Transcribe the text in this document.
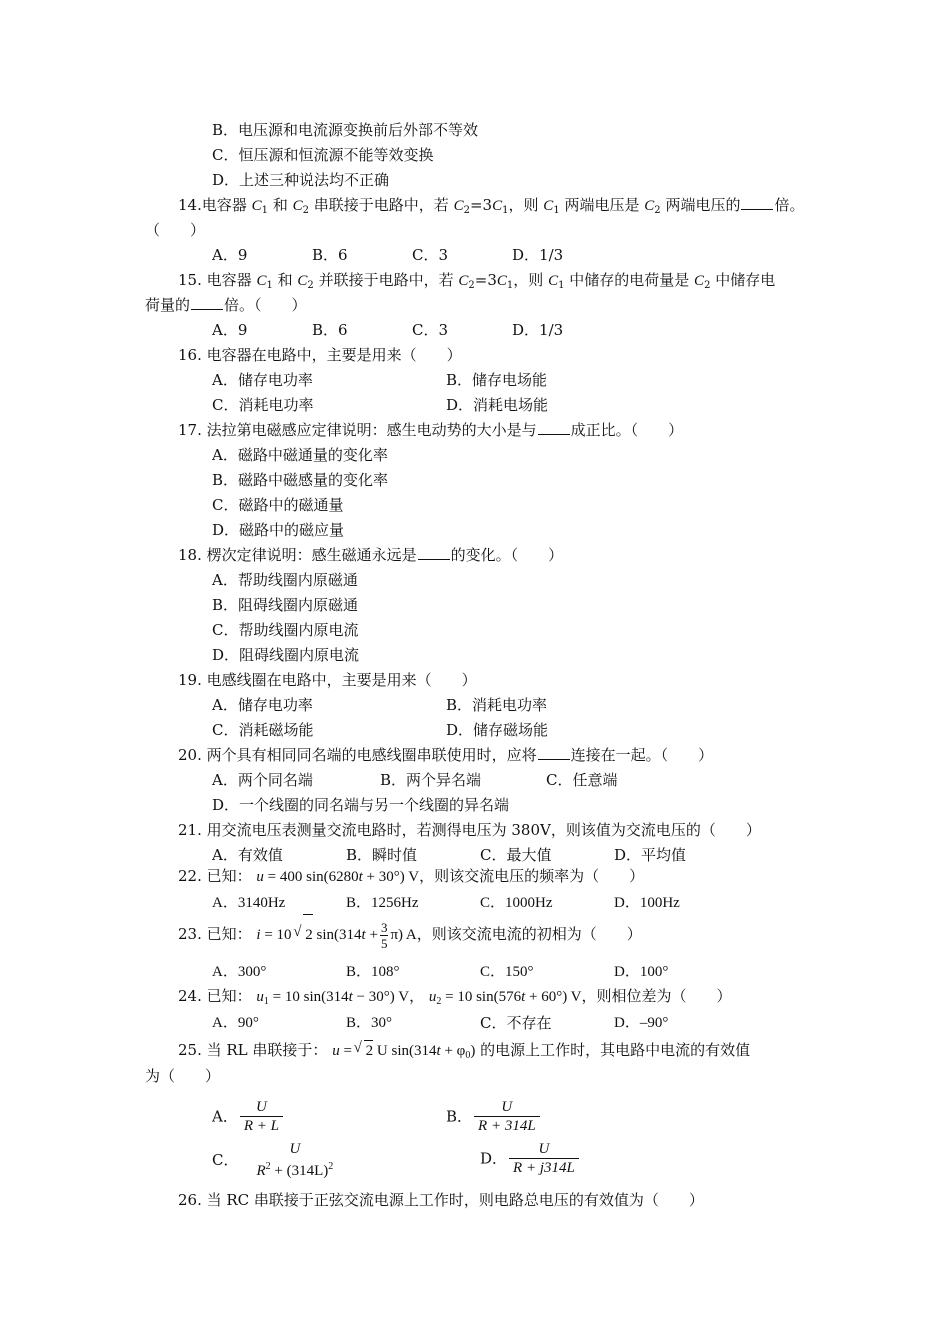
B．电压源和电流源变换前后外部不等效
C．恒压源和恒流源不能等效变换
D．上述三种说法均不正确
14.电容器 $C_1$ 和 $C_2$ 串联接于电路中，若 $C_2=3C_1$，则 $C_1$ 两端电压是 $C_2$ 两端电压的 倍。
（　　）
A．9	B．6	C．3	D．1/3
15. 电容器 $C_1$ 和 $C_2$ 并联接于电路中，若 $C_2=3C_1$，则 $C_1$ 中储存的电荷量是 $C_2$ 中储存电
荷量的 倍。（　　）
A．9	B．6	C．3	D．1/3
16. 电容器在电路中，主要是用来（　　）
A．储存电功率	B．储存电场能
C．消耗电功率	D．消耗电场能
17. 法拉第电磁感应定律说明：感生电动势的大小是与 成正比。（　　）
A．磁路中磁通量的变化率
B．磁路中磁感量的变化率
C．磁路中的磁通量
D．磁路中的磁应量
18. 楞次定律说明：感生磁通永远是 的变化。（　　）
A．帮助线圈内原磁通
B．阻碍线圈内原磁通
C．帮助线圈内原电流
D．阻碍线圈内原电流
19. 电感线圈在电路中，主要是用来（　　）
A．储存电功率	B．消耗电功率
C．消耗磁场能	D．储存磁场能
20. 两个具有相同同名端的电感线圈串联使用时，应将 连接在一起。（　　）
A．两个同名端	B．两个异名端	C．任意端
D．一个线圈的同名端与另一个线圈的异名端
21. 用交流电压表测量交流电路时，若测得电压为 380V，则该值为交流电压的（　　）
A．有效值	B．瞬时值	C．最大值	D．平均值
22. 已知： u = 400 sin(6280t + 30°) V，则该交流电压的频率为（　　）
A．3140Hz	B．1256Hz	C．1000Hz	D．100Hz
23. 已知： i = 10 √ 2 $\sin(314t + \frac{3}{5} \pi)$ A，则该交流电流的初相为（　　）
A．300°	B．108°	C．150°	D．100°
24. 已知： $u_1 = 10$ sin(314t − 30°) V， $u_2 = 10$ sin(576t + 60°) V，则相位差为（　　）
A．90°	B．30°	C．不存在	D．–90°
25. 当 RL 串联接于： u = √ 2 U $\sin(314t + \varphi_0)$ 的电源上工作时，其电路中电流的有效值
为（　　）
A． $\frac{U}{R + L}$	B． $\frac{U}{R + 314L}$
C．
U
$R^2 + (314L)^2$	D． $\frac{U}{R + j314L}$
26. 当 RC 串联接于正弦交流电源上工作时，则电路总电压的有效值为（　　）
